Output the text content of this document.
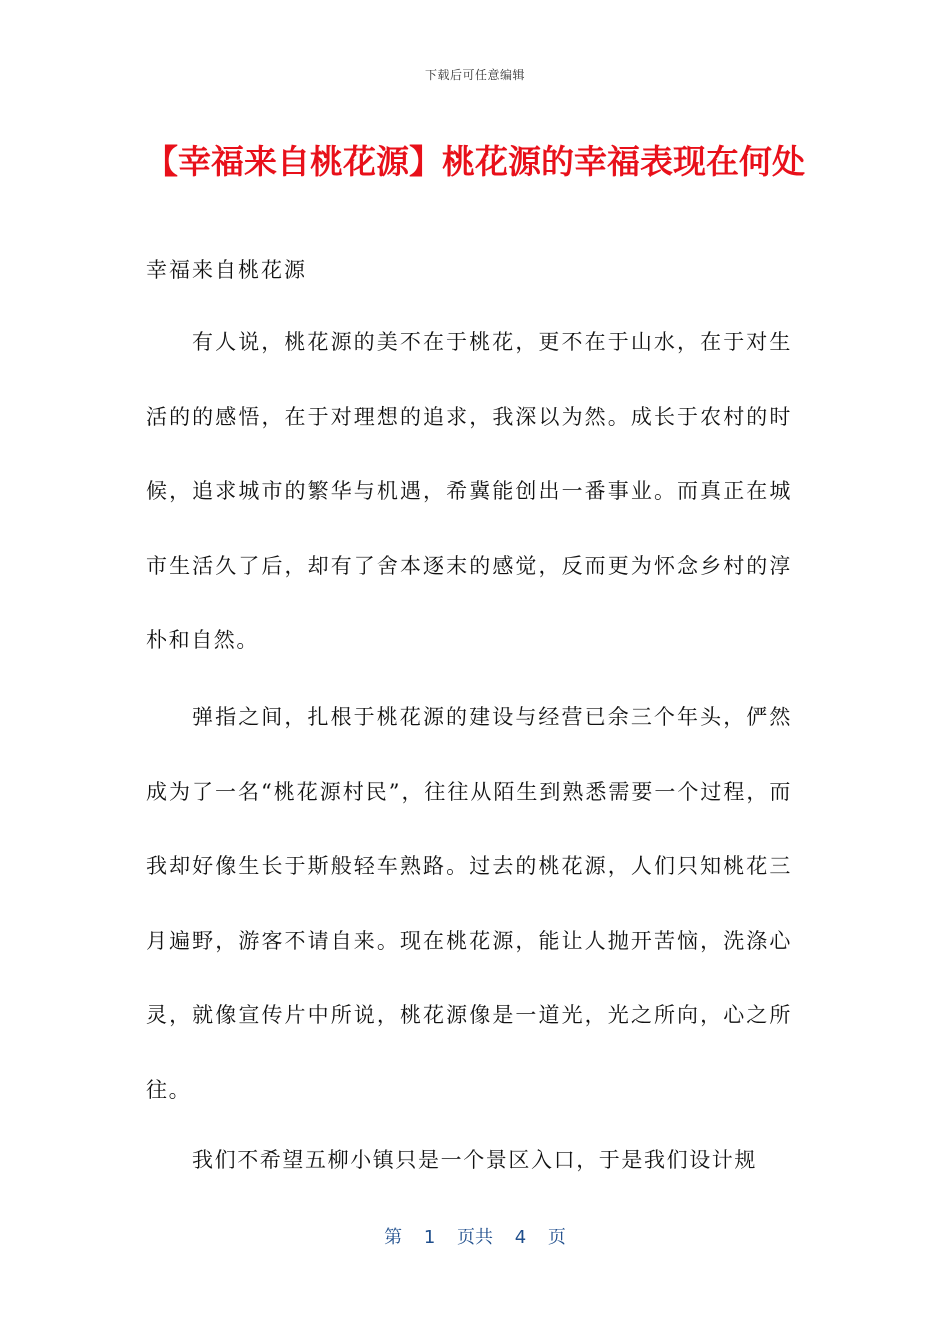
下载后可任意编辑
【幸福来自桃花源】桃花源的幸福表现在何处

幸福来自桃花源

有人说，桃花源的美不在于桃花，更不在于山水，在于对生活的的感悟，在于对理想的追求，我深以为然。成长于农村的时候，追求城市的繁华与机遇，希冀能创出一番事业。而真正在城市生活久了后，却有了舍本逐末的感觉，反而更为怀念乡村的淳朴和自然。

弹指之间，扎根于桃花源的建设与经营已余三个年头，俨然成为了一名“桃花源村民”，往往从陌生到熟悉需要一个过程，而我却好像生长于斯般轻车熟路。过去的桃花源，人们只知桃花三月遍野，游客不请自来。现在桃花源，能让人抛开苦恼，洗涤心灵，就像宣传片中所说，桃花源像是一道光，光之所向，心之所往。

我们不希望五柳小镇只是一个景区入口，于是我们设计规

第 1 页共 4 页
